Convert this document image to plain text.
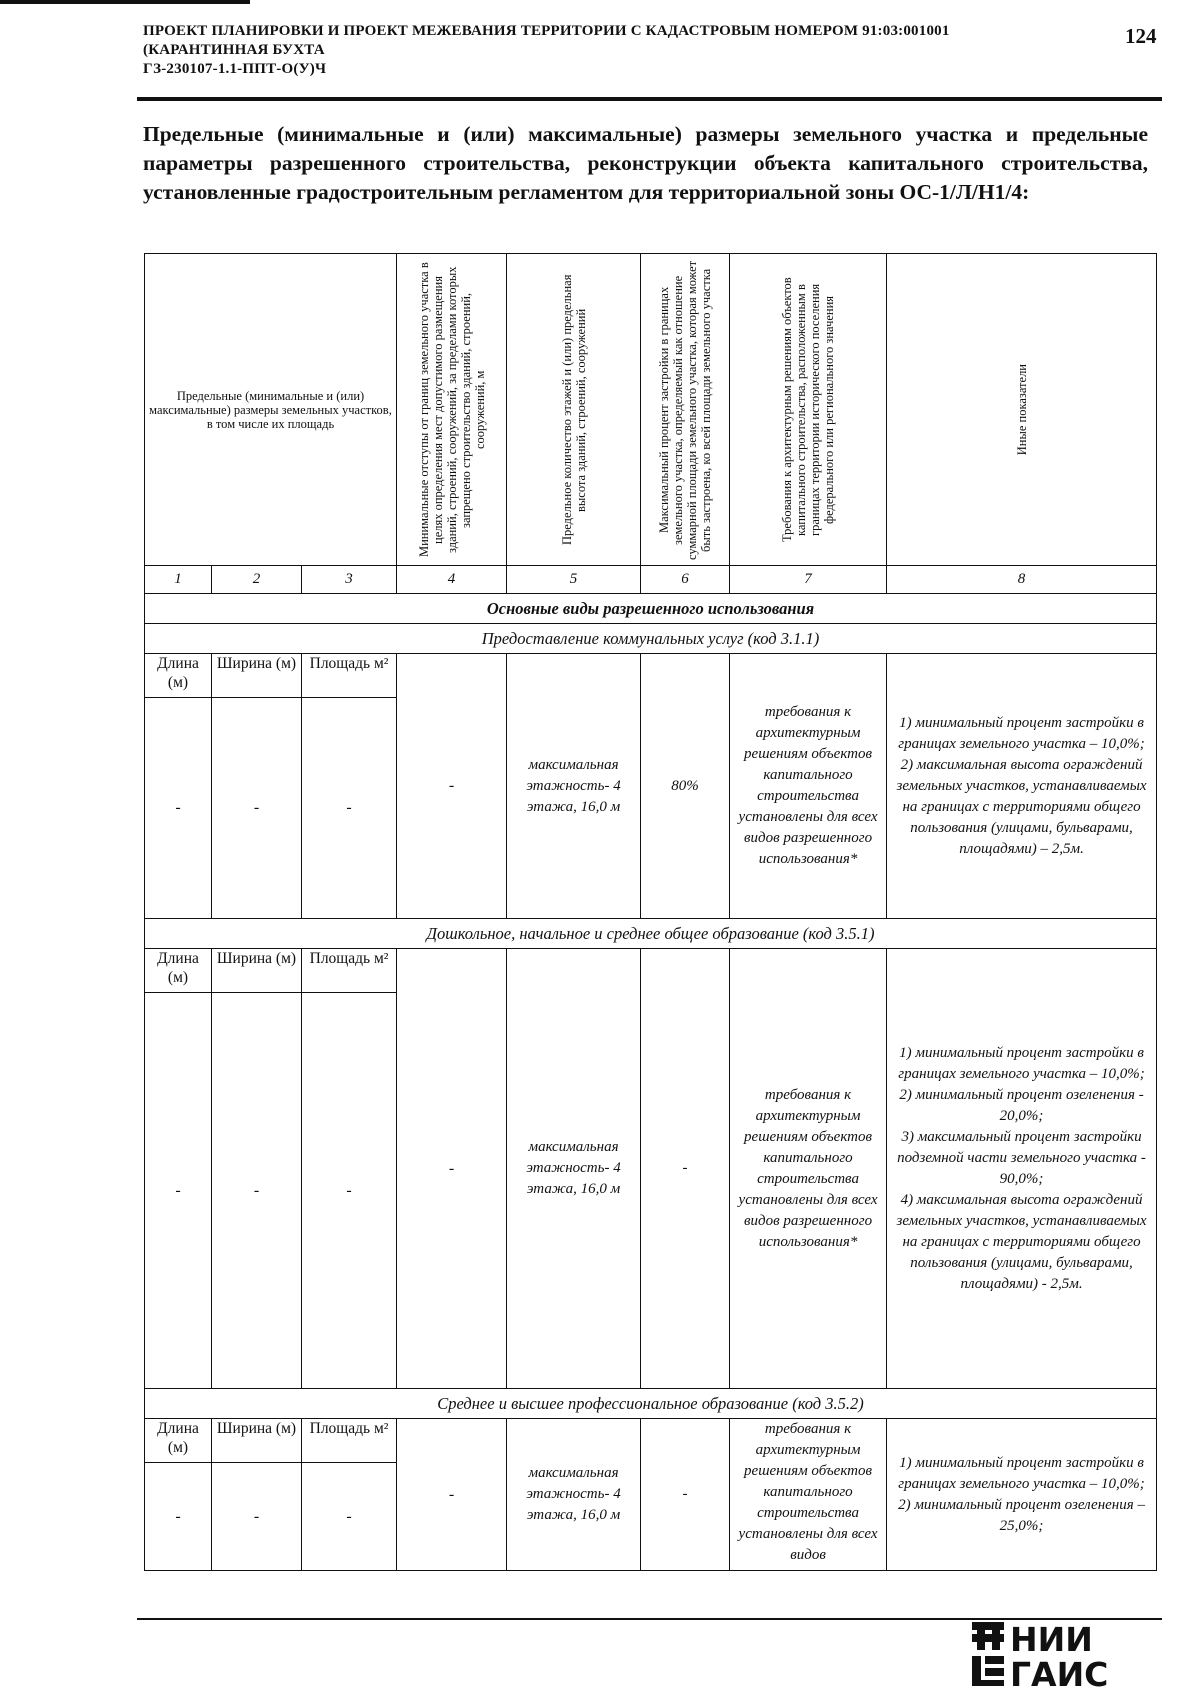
ПРОЕКТ ПЛАНИРОВКИ И ПРОЕКТ МЕЖЕВАНИЯ ТЕРРИТОРИИ С КАДАСТРОВЫМ НОМЕРОМ 91:03:001001
(КАРАНТИННАЯ БУХТА
ГЗ-230107-1.1-ППТ-О(У)Ч
124
Предельные (минимальные и (или) максимальные) размеры земельного участка и предельные параметры разрешенного строительства, реконструкции объекта капитального строительства, установленные градостроительным регламентом для территориальной зоны ОС-1/Л/Н1/4:
Предельные (минимальные и (или) максимальные) размеры земельных участков, в том числе их площадь			Минимальные отступы от границ земельного участка в целях определения мест допустимого размещения зданий, строений, сооружений, за пределами которых запрещено строительство зданий, строений, сооружений, м	Предельное количество этажей и (или) предельная высота зданий, строений, сооружений	Максимальный процент застройки в границах земельного участка, определяемый как отношение суммарной площади земельного участка, которая может быть застроена, ко всей площади земельного участка	Требования к архитектурным решениям объектов капитального строительства, расположенным в границах территории исторического поселения федерального или регионального значения	Иные показатели

1	2	3	4	5	6	7	8
Основные виды разрешенного использования							
Предоставление коммунальных услуг (код 3.1.1)							
Длина (м)	Ширина (м)	Площадь м²	-	максимальная этажность- 4 этажа, 16,0 м	80%	требования к архитектурным решениям объектов капитального строительства установлены для всех видов разрешенного использования*	1) минимальный процент застройки в границах земельного участка – 10,0%;
2) максимальная высота ограждений земельных участков, устанавливаемых на границах с территориями общего пользования (улицами, бульварами, площадями) – 2,5м.

-	-	-					
Дошкольное, начальное и среднее общее образование (код 3.5.1)							
Длина (м)	Ширина (м)	Площадь м²	-	максимальная этажность- 4 этажа, 16,0 м	-	требования к архитектурным решениям объектов капитального строительства установлены для всех видов разрешенного использования*	1) минимальный процент застройки в границах земельного участка – 10,0%;
2) минимальный процент озеленения - 20,0%;
3) максимальный процент застройки подземной части земельного участка - 90,0%;
4) максимальная высота ограждений земельных участков, устанавливаемых на границах с территориями общего пользования (улицами, бульварами, площадями) - 2,5м.

-	-	-					
Среднее и высшее профессиональное образование (код 3.5.2)							
Длина (м)	Ширина (м)	Площадь м²	-	максимальная этажность- 4 этажа, 16,0 м	-	требования к архитектурным решениям объектов капитального строительства установлены для всех видов	1) минимальный процент застройки в границах земельного участка – 10,0%;
2) минимальный процент озеленения – 25,0%;

-	-	-					
НИИ
ГАИС
